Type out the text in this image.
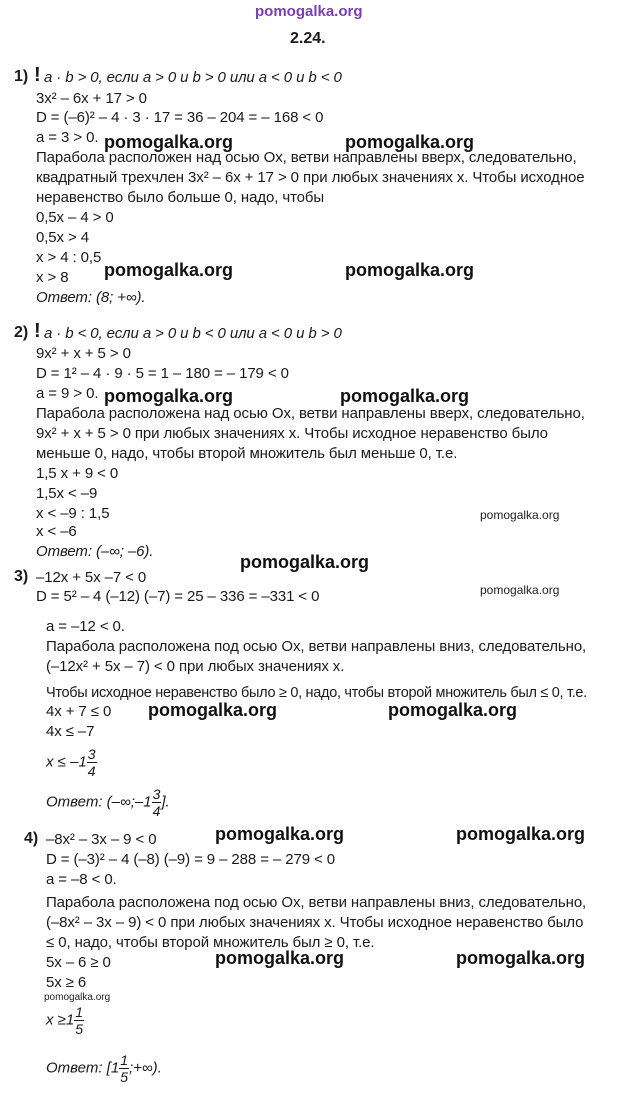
pomogalka.org
2.24.
1) ! a · b > 0, если a > 0 и b > 0 или a < 0 и b < 0
3x² – 6x + 17 > 0
D = (–6)² – 4 · 3 · 17 = 36 – 204 = – 168 < 0
a = 3 > 0.
Парабола расположен над осью Ox, ветви направлены вверх, следовательно,
квадратный трехчлен 3x² – 6x + 17 > 0 при любых значениях x. Чтобы исходное
неравенство было больше 0, надо, чтобы
0,5x – 4 > 0
0,5x > 4
x > 4 : 0,5
x > 8
Ответ: (8; +∞).
pomogalka.org	pomogalka.org
pomogalka.org	pomogalka.org
2) ! a · b < 0, если a > 0 и b < 0 или a < 0 и b > 0
9x² + x + 5 > 0
D = 1² – 4 · 9 · 5 = 1 – 180 = – 179 < 0
a = 9 > 0.
Парабола расположена над осью Ox, ветви направлены вверх, следовательно,
9x² + x + 5 > 0 при любых значениях x. Чтобы исходное неравенство было
меньше 0, надо, чтобы второй множитель был меньше 0, т.е.
1,5 x + 9 < 0
1,5x < –9
x < –9 : 1,5
x < –6
Ответ: (–∞; –6).
pomogalka.org	pomogalka.org
pomogalka.org
pomogalka.org
pomogalka.org
3) –12x + 5x –7 < 0
D = 5² – 4 (–12) (–7) = 25 – 336 = –331 < 0
a = –12 < 0.
Парабола расположена под осью Ox, ветви направлены вниз, следовательно,
(–12x² + 5x – 7) < 0 при любых значениях x.
Чтобы исходное неравенство было ≥ 0, надо, чтобы второй множитель был ≤ 0, т.е.
4x + 7 ≤ 0
4x ≤ –7
$x \le -1 \frac{3}{4}$
Ответ: (–∞;–1 $\frac{3}{4}$ ].
pomogalka.org	pomogalka.org
4) –8x² – 3x – 9 < 0
D = (–3)² – 4 (–8) (–9) = 9 – 288 = – 279 < 0
a = –8 < 0.
Парабола расположена под осью Ox, ветви направлены вниз, следовательно,
(–8x² – 3x – 9) < 0 при любых значениях x. Чтобы исходное неравенство было
≤ 0, надо, чтобы второй множитель был ≥ 0, т.е.
5x – 6 ≥ 0
5x ≥ 6
$x \ge 1 \frac{1}{5}$
Ответ: [$1 \frac{1}{5}$ ;+∞).
pomogalka.org	pomogalka.org
pomogalka.org	pomogalka.org
pomogalka.org
